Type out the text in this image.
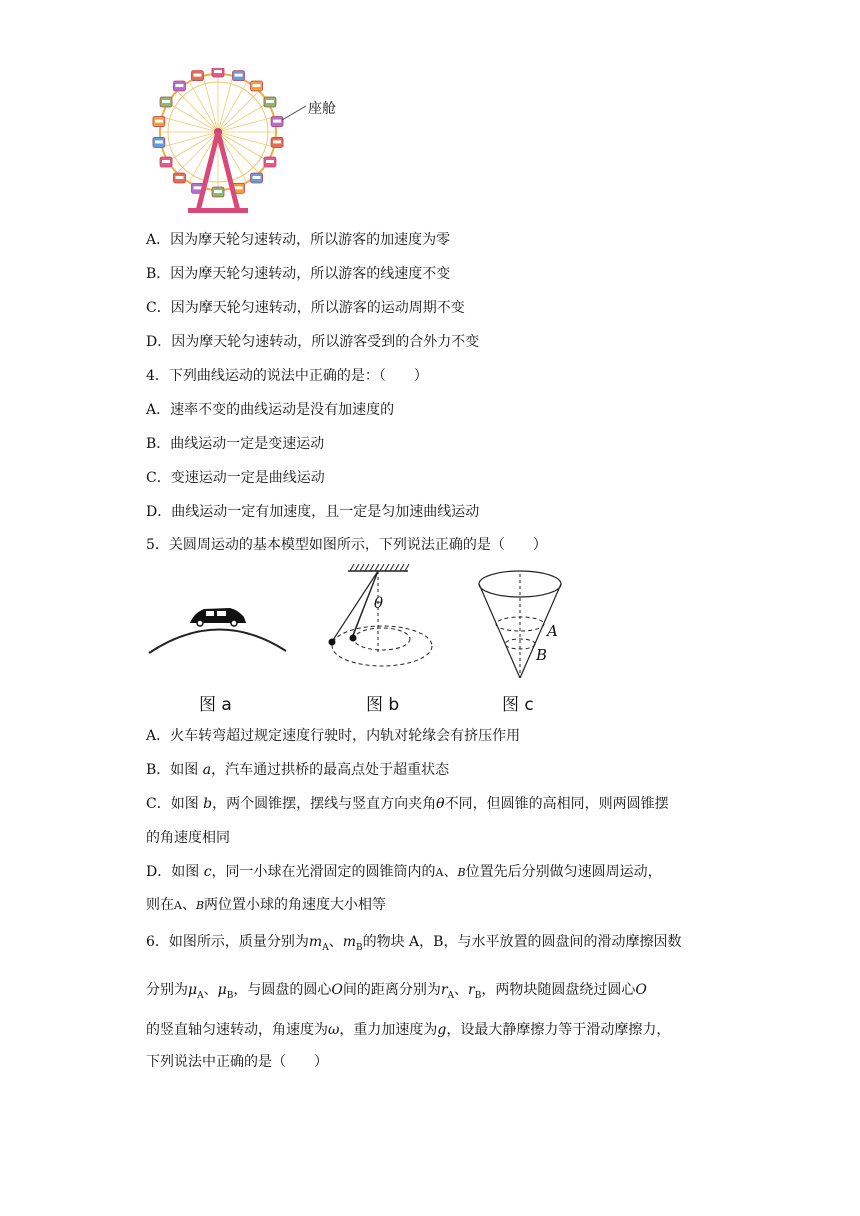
座舱
A．因为摩天轮匀速转动，所以游客的加速度为零
B．因为摩天轮匀速转动，所以游客的线速度不变
C．因为摩天轮匀速转动，所以游客的运动周期不变
D．因为摩天轮匀速转动，所以游客受到的合外力不变
4．下列曲线运动的说法中正确的是：（　　）
A．速率不变的曲线运动是没有加速度的
B．曲线运动一定是变速运动
C．变速运动一定是曲线运动
D．曲线运动一定有加速度，且一定是匀加速曲线运动
5．关圆周运动的基本模型如图所示，下列说法正确的是（　　）
图 a
θ
图 b
A
B
图 c
A．火车转弯超过规定速度行驶时，内轨对轮缘会有挤压作用
B．如图 a，汽车通过拱桥的最高点处于超重状态
C．如图 b，两个圆锥摆，摆线与竖直方向夹角θ不同，但圆锥的高相同，则两圆锥摆
的角速度相同
D．如图 c，同一小球在光滑固定的圆锥筒内的A、B位置先后分别做匀速圆周运动，
则在A、B两位置小球的角速度大小相等
6．如图所示，质量分别为$m_A$、$m_B$的物块 A，B，与水平放置的圆盘间的滑动摩擦因数
分别为$\mu_A$、$\mu_B$，与圆盘的圆心O间的距离分别为$r_A$、$r_B$，两物块随圆盘绕过圆心O
的竖直轴匀速转动，角速度为ω，重力加速度为g，设最大静摩擦力等于滑动摩擦力，
下列说法中正确的是（　　）
